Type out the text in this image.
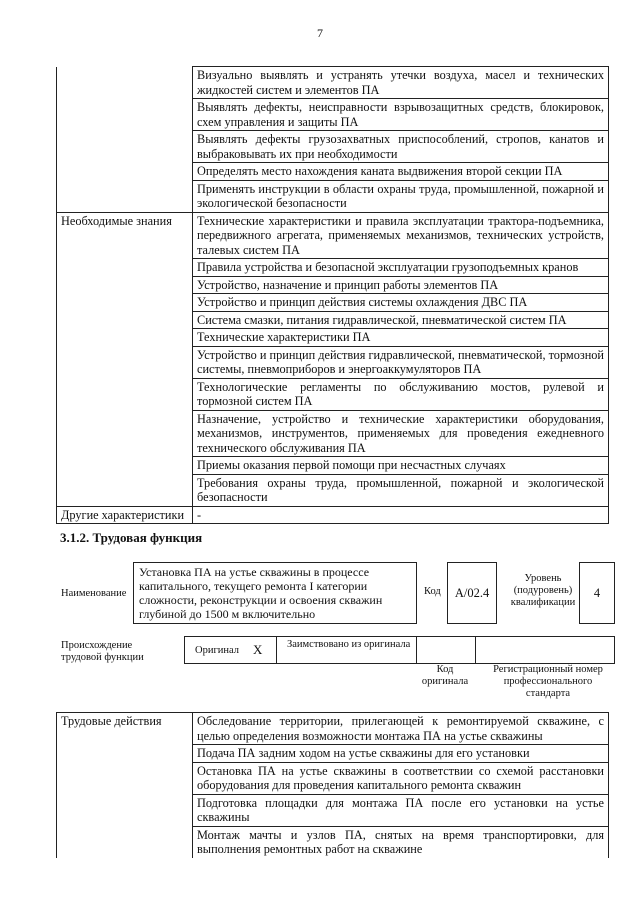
7
	Визуально выявлять и устранять утечки воздуха, масел и технических жидкостей систем и элементов ПА
	Выявлять дефекты, неисправности взрывозащитных средств, блокировок, схем управления и защиты ПА
	Выявлять дефекты грузозахватных приспособлений, стропов, канатов и выбраковывать их при необходимости
	Определять место нахождения каната выдвижения второй секции ПА
	Применять инструкции в области охраны труда, промышленной, пожарной и экологической безопасности
Необходимые знания	Технические характеристики и правила эксплуатации трактора-подъемника, передвижного агрегата, применяемых механизмов, технических устройств, талевых систем ПА
	Правила устройства и безопасной эксплуатации грузоподъемных кранов
	Устройство, назначение и принцип работы элементов ПА
	Устройство и принцип действия системы охлаждения ДВС ПА
	Система смазки, питания гидравлической, пневматической систем ПА
	Технические характеристики ПА
	Устройство и принцип действия гидравлической, пневматической, тормозной системы, пневмоприборов и энергоаккумуляторов ПА
	Технологические регламенты по обслуживанию мостов, рулевой и тормозной систем ПА
	Назначение, устройство и технические характеристики оборудования, механизмов, инструментов, применяемых для проведения ежедневного технического обслуживания ПА
	Приемы оказания первой помощи при несчастных случаях
	Требования охраны труда, промышленной, пожарной и экологической безопасности
Другие характеристики	-
3.1.2. Трудовая функция
Наименование
Установка ПА на устье скважины в процессе капитального, текущего ремонта I категории сложности, реконструкции и освоения скважин глубиной до 1500 м включительно
Код	А/02.4
Уровень (подуровень) квалификации
4
Происхождение трудовой функции
Оригинал X Заимствовано из оригинала
Код оригинала
Регистрационный номер профессионального стандарта
Трудовые действия	Обследование территории, прилегающей к ремонтируемой скважине, с целью определения возможности монтажа ПА на устье скважины
Подача ПА задним ходом на устье скважины для его установки
Остановка ПА на устье скважины в соответствии со схемой расстановки оборудования для проведения капитального ремонта скважин
Подготовка площадки для монтажа ПА после его установки на устье скважины
Монтаж мачты и узлов ПА, снятых на время транспортировки, для выполнения ремонтных работ на скважине
